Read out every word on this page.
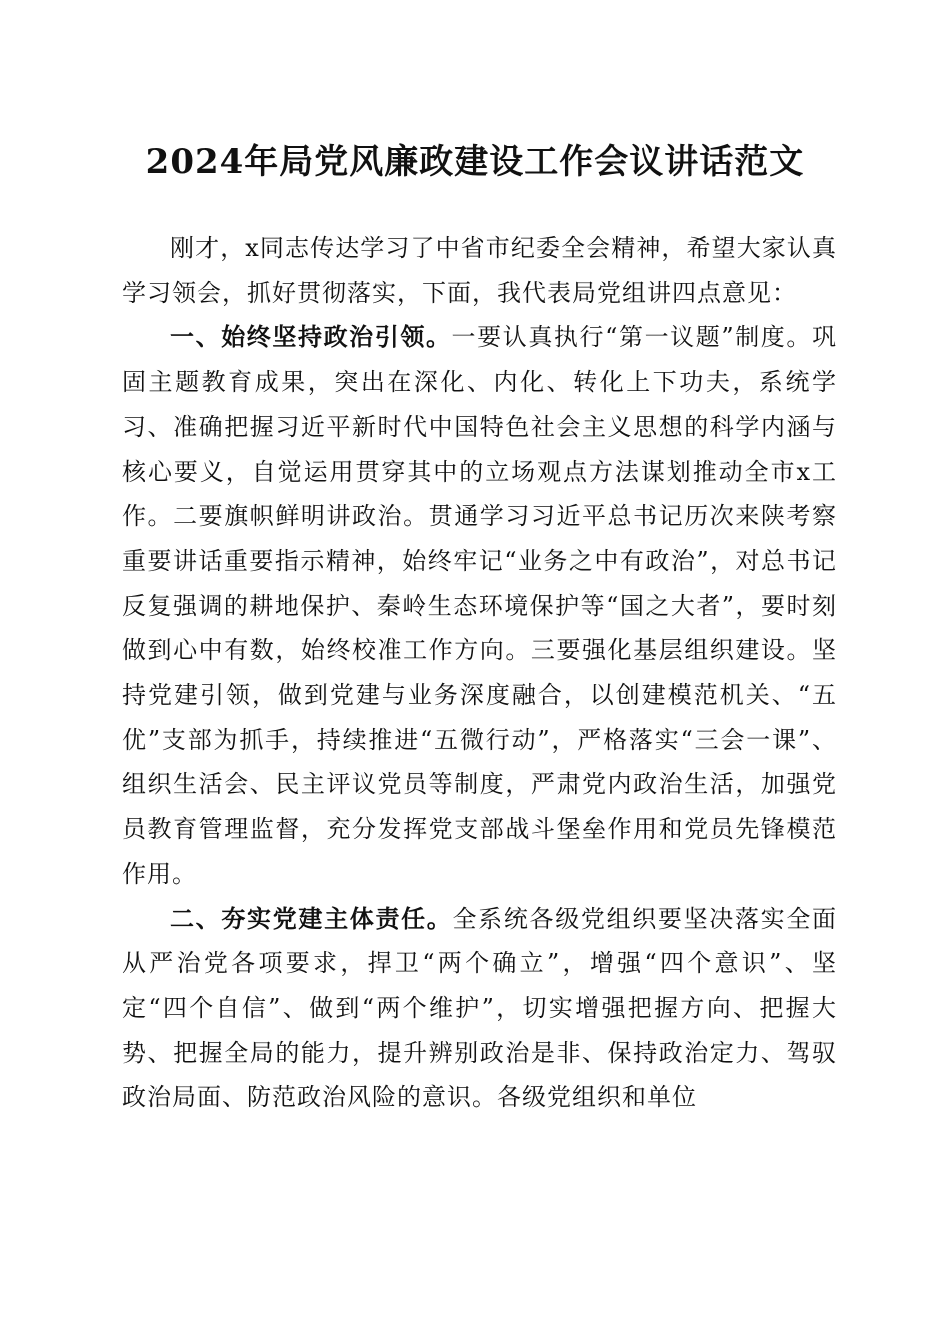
2024年局党风廉政建设工作会议讲话范文

刚才，x同志传达学习了中省市纪委全会精神，希望大家认真学习领会，抓好贯彻落实，下面，我代表局党组讲四点意见：

一、始终坚持政治引领。一要认真执行“第一议题”制度。巩固主题教育成果，突出在深化、内化、转化上下功夫，系统学习、准确把握习近平新时代中国特色社会主义思想的科学内涵与核心要义，自觉运用贯穿其中的立场观点方法谋划推动全市x工作。二要旗帜鲜明讲政治。贯通学习习近平总书记历次来陕考察重要讲话重要指示精神，始终牢记“业务之中有政治”，对总书记反复强调的耕地保护、秦岭生态环境保护等“国之大者”，要时刻做到心中有数，始终校准工作方向。三要强化基层组织建设。坚持党建引领，做到党建与业务深度融合，以创建模范机关、“五优”支部为抓手，持续推进“五微行动”，严格落实“三会一课”、组织生活会、民主评议党员等制度，严肃党内政治生活，加强党员教育管理监督，充分发挥党支部战斗堡垒作用和党员先锋模范作用。

二、夯实党建主体责任。全系统各级党组织要坚决落实全面从严治党各项要求，捍卫“两个确立”，增强“四个意识”、坚定“四个自信”、做到“两个维护”，切实增强把握方向、把握大势、把握全局的能力，提升辨别政治是非、保持政治定力、驾驭政治局面、防范政治风险的意识。各级党组织和单位
